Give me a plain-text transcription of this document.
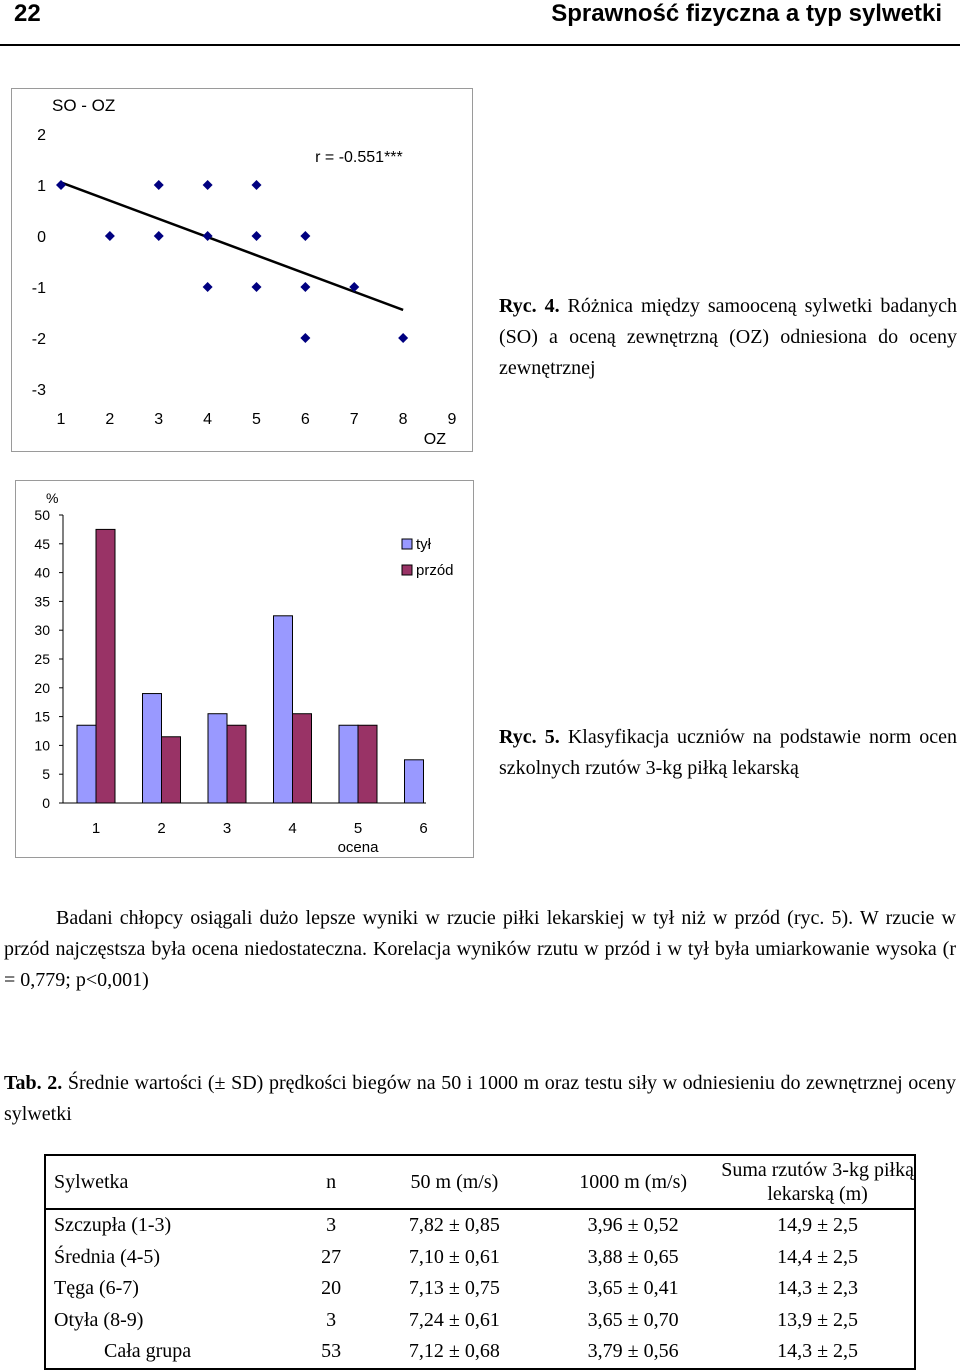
22	Sprawność fizyczna a typ sylwetki
SO - OZ
2
1
0
-1
-2
-3
1 2 3 4 5 6 7 8 9
OZ
r = -0.551***
Ryc. 4. Różnica między samooceną sylwetki badanych (SO) a oceną zewnętrzną (OZ) odniesiona do oceny zewnętrznej
%
50
45
40
35
30
25
20
15
10
5
0
1	2	3	4	5	6
ocena
tył
przód
Ryc. 5. Klasyfikacja uczniów na podstawie norm ocen szkolnych rzutów 3-kg piłką lekarską
Badani chłopcy osiągali dużo lepsze wyniki w rzucie piłki lekarskiej w tył niż w przód (ryc. 5). W rzucie w przód najczęstsza była ocena niedostateczna. Korelacja wyników rzutu w przód i w tył była umiarkowanie wysoka (r = 0,779; p<0,001)
Tab. 2. Średnie wartości (± SD) prędkości biegów na 50 i 1000 m oraz testu siły w odniesieniu do zewnętrznej oceny sylwetki
Sylwetka	n	50 m (m/s)	1000 m (m/s)	Suma rzutów 3-kg piłką lekarską (m)
Szczupła (1-3)	3	7,82 ± 0,85	3,96 ± 0,52	14,9 ± 2,5
Średnia (4-5)	27	7,10 ± 0,61	3,88 ± 0,65	14,4 ± 2,5
Tęga (6-7)	20	7,13 ± 0,75	3,65 ± 0,41	14,3 ± 2,3
Otyła (8-9)	3	7,24 ± 0,61	3,65 ± 0,70	13,9 ± 2,5
Cała grupa	53	7,12 ± 0,68	3,79 ± 0,56	14,3 ± 2,5
